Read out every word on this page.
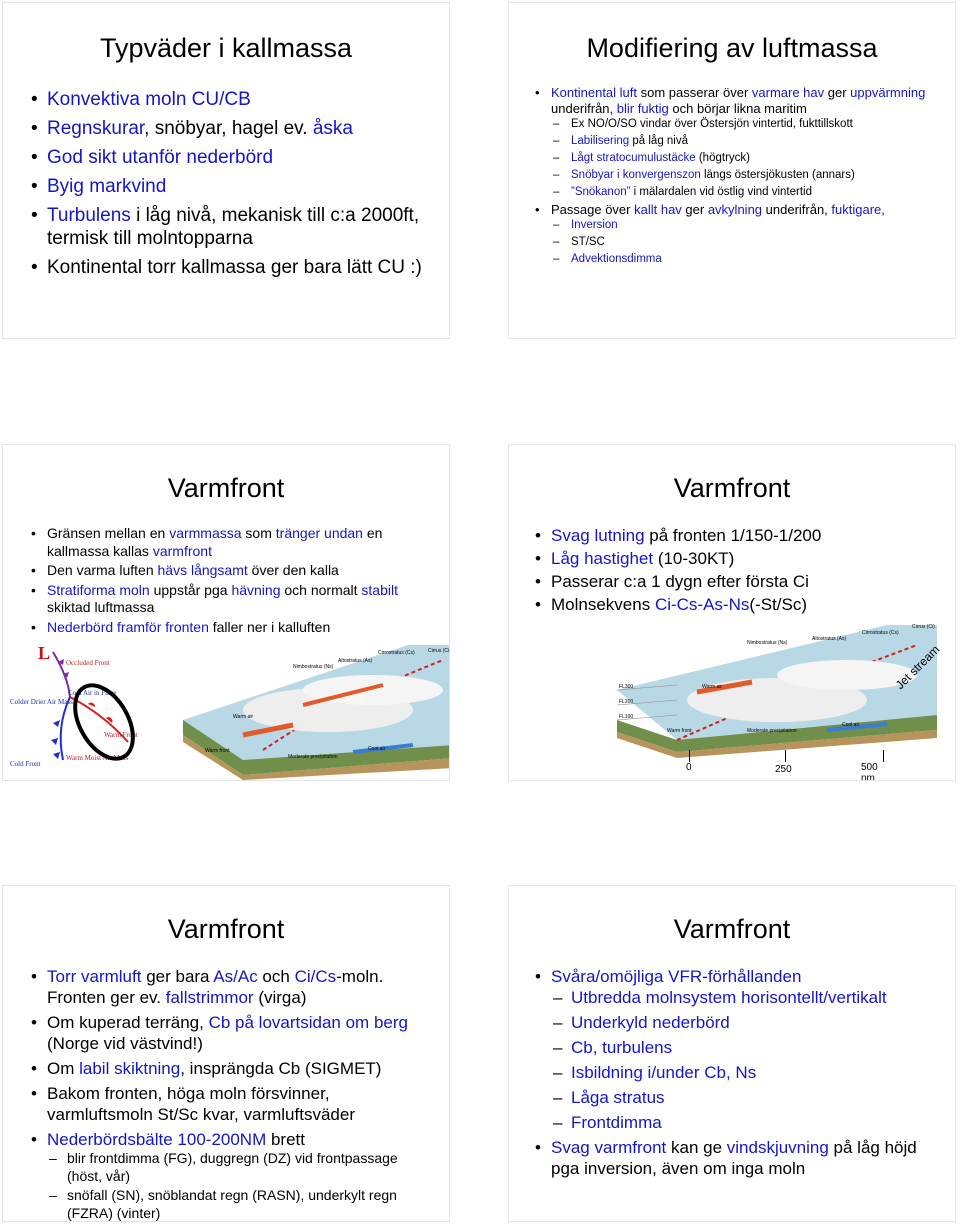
Typväder i kallmassa
• Konvektiva moln CU/CB
• Regnskurar, snöbyar, hagel ev. åska
• God sikt utanför nederbörd
• Byig markvind
• Turbulens i låg nivå, mekanisk till c:a 2000ft, termisk till molntopparna
• Kontinental torr kallmassa ger bara lätt CU :)
Modifiering av luftmassa
• Kontinental luft som passerar över varmare hav ger uppvärmning underifrån, blir fuktig och börjar likna maritim
– Ex NO/O/SO vindar över Östersjön vintertid, fukttillskott
– Labilisering på låg nivå
– Lågt stratocumulustäcke (högtryck)
– Snöbyar i konvergenszon längs östersjökusten (annars)
– ”Snökanon” i mälardalen vid östlig vind vintertid
• Passage över kallt hav ger avkylning underifrån, fuktigare,
– Inversion
– ST/SC
– Advektionsdimma
Varmfront
• Gränsen mellan en varmmassa som tränger undan en kallmassa kallas varmfront
• Den varma luften hävs långsamt över den kalla
• Stratiforma moln uppstår pga hävning och normalt stabilt skiktad luftmassa
• Nederbörd framför fronten faller ner i kalluften
L Occluded Front
Cool Air in Place
Colder Drier Air Mass
Warm Front
Cold Front
Warm Moist Air Mass
Nimbostratus (Ns)
Altostratus (As)
Cirrostratus (Cs)	Cirrus (Ci)
Warm air
Warm front
Moderate precipitation
Cool air
Varmfront
• Svag lutning på fronten 1/150-1/200
• Låg hastighet (10-30KT)
• Passerar c:a 1 dygn efter första Ci
• Molnsekvens Ci-Cs-As-Ns(-St/Sc)
FL300
FL200
FL100
Nimbostratus (Ns)
Altostratus (As)
Cirrostratus (Cs)
Cirrus (Ci)
Warm air
Warm front	Moderate precipitation
Cool air
Jet stream
0	250	500 nm
Varmfront
• Torr varmluft ger bara As/Ac och Ci/Cs-moln. Fronten ger ev. fallstrimmor (virga)
• Om kuperad terräng, Cb på lovartsidan om berg (Norge vid västvind!)
• Om labil skiktning, insprängda Cb (SIGMET)
• Bakom fronten, höga moln försvinner, varmluftsmoln St/Sc kvar, varmluftsväder
• Nederbördsbälte 100-200NM brett
– blir frontdimma (FG), duggregn (DZ) vid frontpassage (höst, vår)
– snöfall (SN), snöblandat regn (RASN), underkylt regn (FZRA) (vinter)
Varmfront
• Svåra/omöjliga VFR-förhållanden
– Utbredda molnsystem horisontellt/vertikalt
– Underkyld nederbörd
– Cb, turbulens
– Isbildning i/under Cb, Ns
– Låga stratus
– Frontdimma
• Svag varmfront kan ge vindskjuvning på låg höjd pga inversion, även om inga moln
